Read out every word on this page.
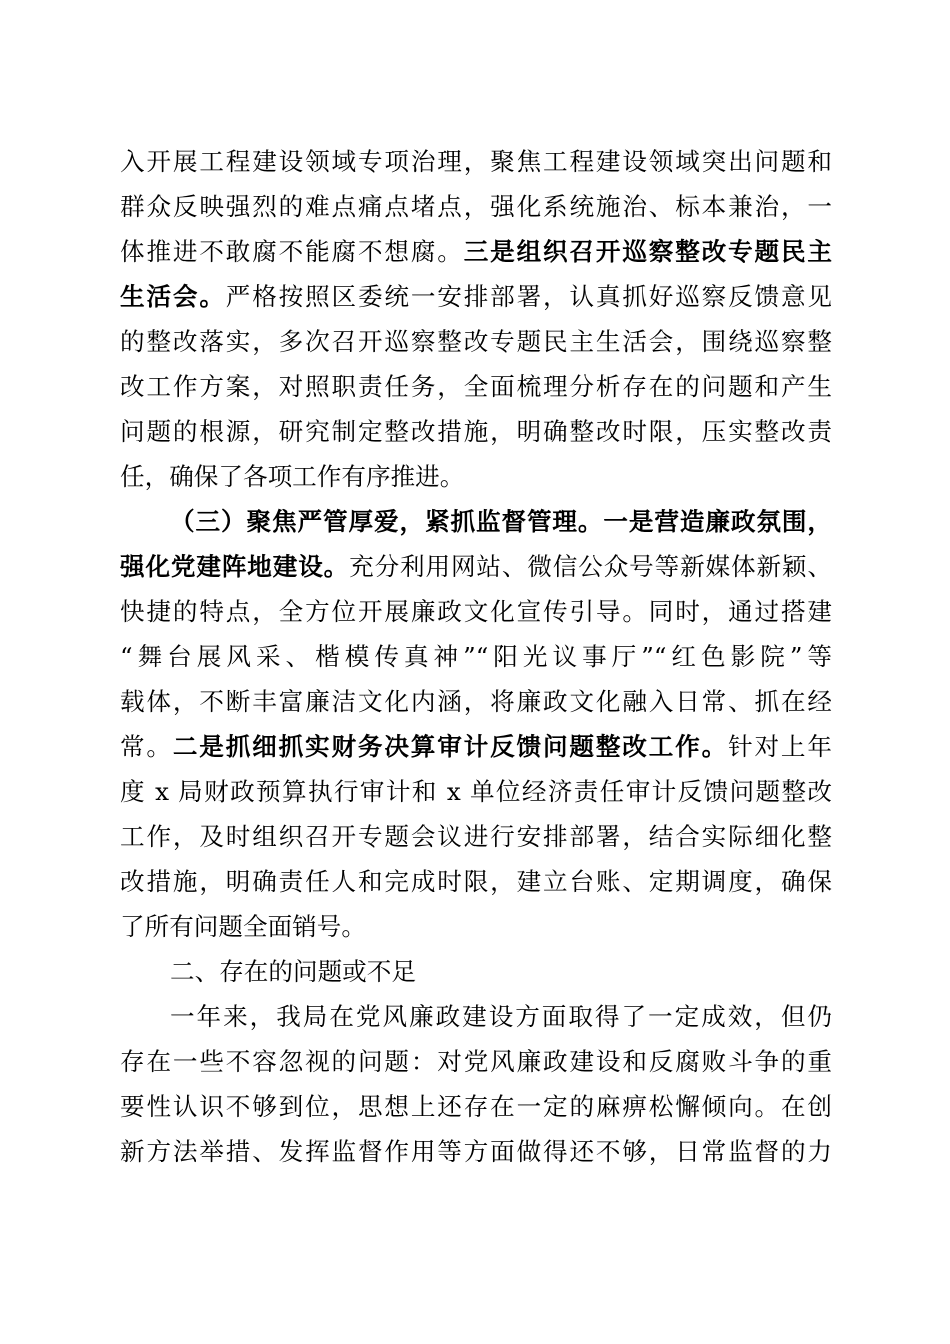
入开展工程建设领域专项治理，聚焦工程建设领域突出问题和
群众反映强烈的难点痛点堵点，强化系统施治、标本兼治，一
体推进不敢腐不能腐不想腐。三是组织召开巡察整改专题民主
生活会。严格按照区委统一安排部署，认真抓好巡察反馈意见
的整改落实，多次召开巡察整改专题民主生活会，围绕巡察整
改工作方案，对照职责任务，全面梳理分析存在的问题和产生
问题的根源，研究制定整改措施，明确整改时限，压实整改责
任，确保了各项工作有序推进。
（三）聚焦严管厚爱，紧抓监督管理。一是营造廉政氛围，
强化党建阵地建设。充分利用网站、微信公众号等新媒体新颖、
快捷的特点，全方位开展廉政文化宣传引导。同时，通过搭建
“舞台展风采、楷模传真神”“阳光议事厅”“红色影院”等
载体，不断丰富廉洁文化内涵，将廉政文化融入日常、抓在经
常。二是抓细抓实财务决算审计反馈问题整改工作。针对上年
度 x 局财政预算执行审计和 x 单位经济责任审计反馈问题整改
工作，及时组织召开专题会议进行安排部署，结合实际细化整
改措施，明确责任人和完成时限，建立台账、定期调度，确保
了所有问题全面销号。
二、存在的问题或不足
一年来，我局在党风廉政建设方面取得了一定成效，但仍
存在一些不容忽视的问题：对党风廉政建设和反腐败斗争的重
要性认识不够到位，思想上还存在一定的麻痹松懈倾向。在创
新方法举措、发挥监督作用等方面做得还不够，日常监督的力
